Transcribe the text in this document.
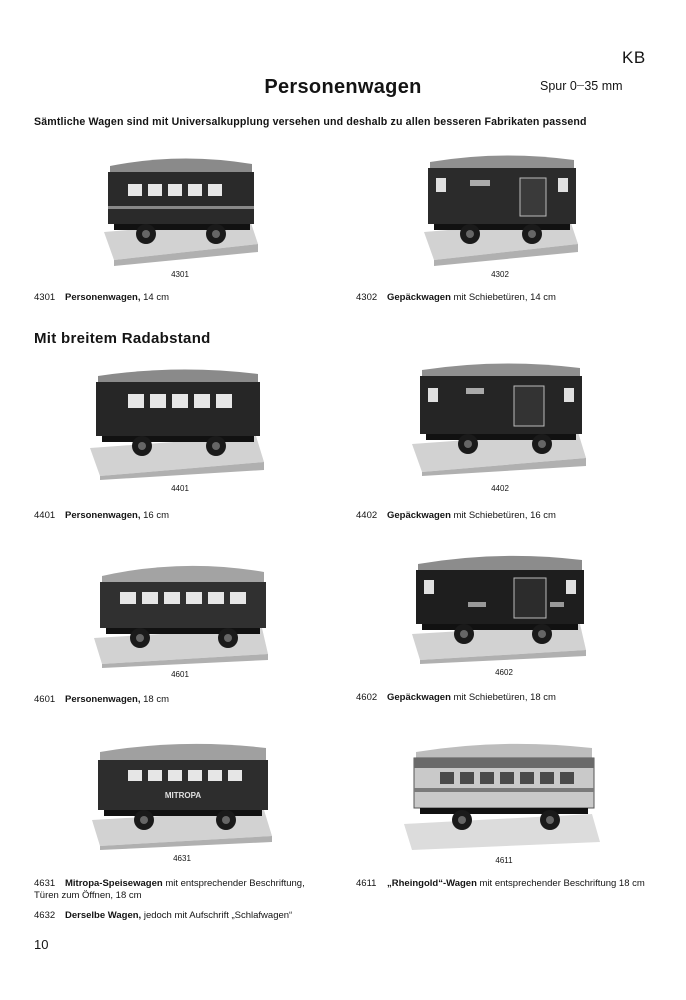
KB
Personenwagen	Spur 0 35 mm
Sämtliche Wagen sind mit Universalkupplung versehen und deshalb zu allen besseren Fabrikaten passend
Mit breitem Radabstand
4301
4301 Personenwagen, 14 cm
4302
4302 Gepäckwagen mit Schiebetüren, 14 cm
4401
4401 Personenwagen, 16 cm
4402
4402 Gepäckwagen mit Schiebetüren, 16 cm
4601
4601 Personenwagen, 18 cm
4602
4602 Gepäckwagen mit Schiebetüren, 18 cm
MITROPA
4631
4631 Mitropa-Speisewagen mit entsprechender Beschriftung, Türen zum Öffnen, 18 cm
4632 Derselbe Wagen, jedoch mit Aufschrift „Schlafwagen“
4611
4611 „Rheingold“-Wagen mit entsprechender Beschriftung 18 cm
10
